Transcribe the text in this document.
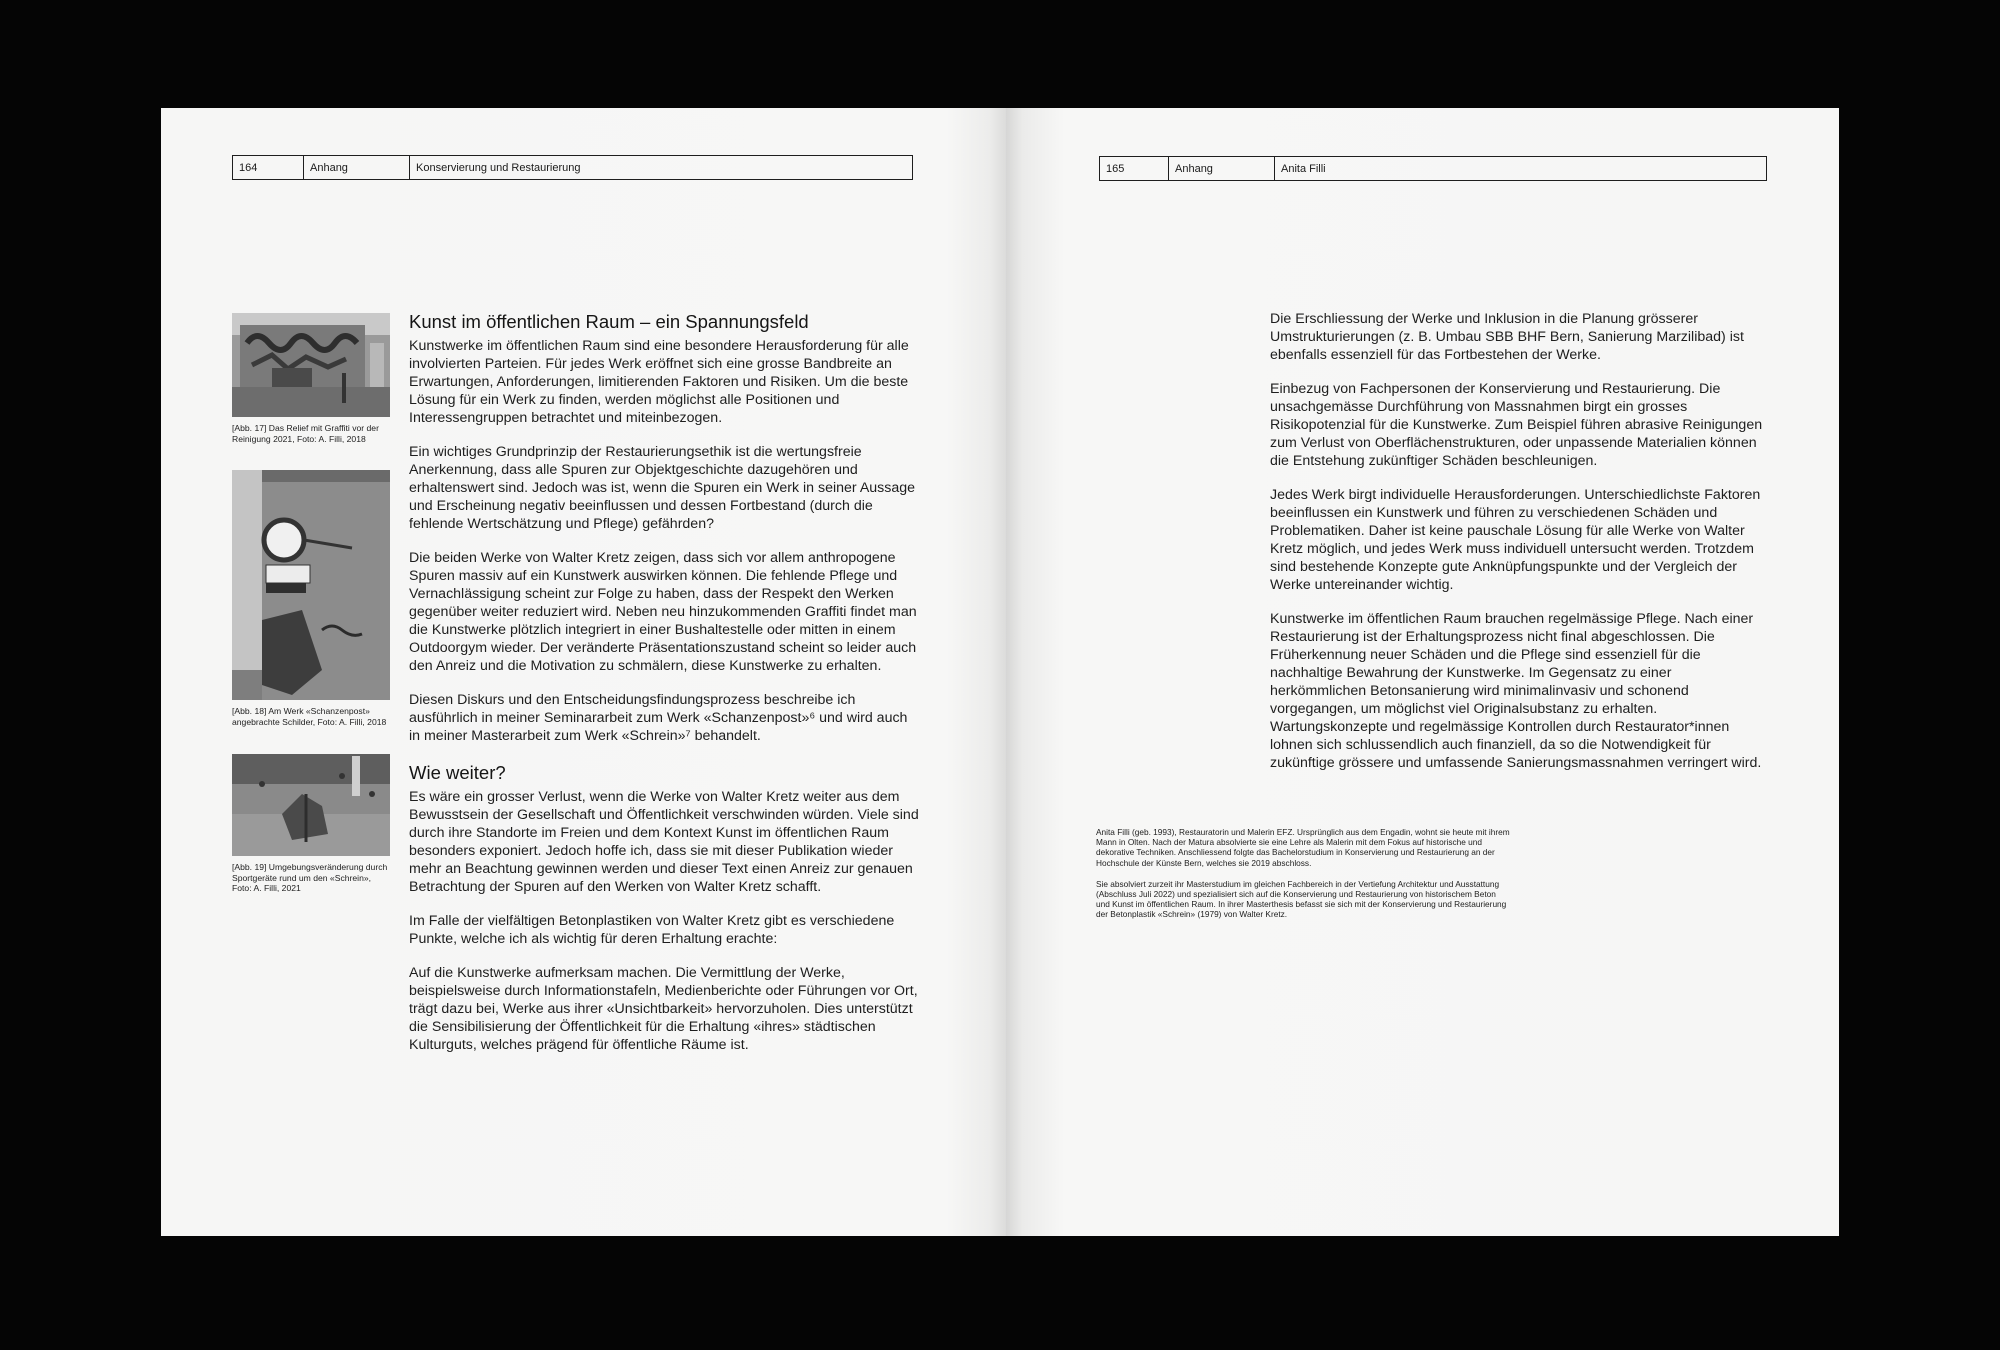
164	Anhang	Konservierung und Restaurierung
[Abb. 17] Das Relief mit Graffiti vor der Reinigung 2021, Foto: A. Filli, 2018
[Abb. 18] Am Werk «Schanzenpost» angebrachte Schilder, Foto: A. Filli, 2018
[Abb. 19] Umgebungsveränderung durch Sportgeräte rund um den «Schrein», Foto: A. Filli, 2021
Kunst im öffentlichen Raum – ein Spannungsfeld

Kunstwerke im öffentlichen Raum sind eine besondere Herausforderung für alle involvierten Parteien. Für jedes Werk eröffnet sich eine grosse Bandbreite an Erwartungen, Anforderungen, limitierenden Faktoren und Risiken. Um die beste Lösung für ein Werk zu finden, werden möglichst alle Positionen und Interessengruppen betrachtet und miteinbezogen.

Ein wichtiges Grundprinzip der Restaurierungsethik ist die wertungsfreie Anerkennung, dass alle Spuren zur Objektgeschichte dazugehören und erhaltenswert sind. Jedoch was ist, wenn die Spuren ein Werk in seiner Aussage und Erscheinung negativ beeinflussen und dessen Fortbestand (durch die fehlende Wertschätzung und Pflege) gefährden?

Die beiden Werke von Walter Kretz zeigen, dass sich vor allem anthropogene Spuren massiv auf ein Kunstwerk auswirken können. Die fehlende Pflege und Vernachlässigung scheint zur Folge zu haben, dass der Respekt den Werken gegenüber weiter reduziert wird. Neben neu hinzukommenden Graffiti findet man die Kunstwerke plötzlich integriert in einer Bushaltestelle oder mitten in einem Outdoorgym wieder. Der veränderte Präsentationszustand scheint so leider auch den Anreiz und die Motivation zu schmälern, diese Kunstwerke zu erhalten.

Diesen Diskurs und den Entscheidungsfindungsprozess beschreibe ich ausführlich in meiner Seminararbeit zum Werk «Schanzenpost»⁶ und wird auch in meiner Masterarbeit zum Werk «Schrein»⁷ behandelt.

Wie weiter?

Es wäre ein grosser Verlust, wenn die Werke von Walter Kretz weiter aus dem Bewusstsein der Gesellschaft und Öffentlichkeit verschwinden würden. Viele sind durch ihre Standorte im Freien und dem Kontext Kunst im öffentlichen Raum besonders exponiert. Jedoch hoffe ich, dass sie mit dieser Publikation wieder mehr an Beachtung gewinnen werden und dieser Text einen Anreiz zur genauen Betrachtung der Spuren auf den Werken von Walter Kretz schafft.

Im Falle der vielfältigen Betonplastiken von Walter Kretz gibt es verschiedene Punkte, welche ich als wichtig für deren Erhaltung erachte:

Auf die Kunstwerke aufmerksam machen. Die Vermittlung der Werke, beispielsweise durch Informationstafeln, Medienberichte oder Führungen vor Ort, trägt dazu bei, Werke aus ihrer «Unsichtbarkeit» hervorzuholen. Dies unterstützt die Sensibilisierung der Öffentlichkeit für die Erhaltung «ihres» städtischen Kulturguts, welches prägend für öffentliche Räume ist.

165	Anhang	Anita Filli

Die Erschliessung der Werke und Inklusion in die Planung grösserer Umstrukturierungen (z. B. Umbau SBB BHF Bern, Sanierung Marzilibad) ist ebenfalls essenziell für das Fortbestehen der Werke.

Einbezug von Fachpersonen der Konservierung und Restaurierung. Die unsachgemässe Durchführung von Massnahmen birgt ein grosses Risikopotenzial für die Kunstwerke. Zum Beispiel führen abrasive Reinigungen zum Verlust von Oberflächenstrukturen, oder unpassende Materialien können die Entstehung zukünftiger Schäden beschleunigen.

Jedes Werk birgt individuelle Herausforderungen. Unterschiedlichste Faktoren beeinflussen ein Kunstwerk und führen zu verschiedenen Schäden und Problematiken. Daher ist keine pauschale Lösung für alle Werke von Walter Kretz möglich, und jedes Werk muss individuell untersucht werden. Trotzdem sind bestehende Konzepte gute Anknüpfungspunkte und der Vergleich der Werke untereinander wichtig.

Kunstwerke im öffentlichen Raum brauchen regelmässige Pflege. Nach einer Restaurierung ist der Erhaltungsprozess nicht final abgeschlossen. Die Früherkennung neuer Schäden und die Pflege sind essenziell für die nachhaltige Bewahrung der Kunstwerke. Im Gegensatz zu einer herkömmlichen Betonsanierung wird minimalinvasiv und schonend vorgegangen, um möglichst viel Originalsubstanz zu erhalten. Wartungskonzepte und regelmässige Kontrollen durch Restaurator*innen lohnen sich schlussendlich auch finanziell, da so die Notwendigkeit für zukünftige grössere und umfassende Sanierungsmassnahmen verringert wird.

Anita Filli (geb. 1993), Restauratorin und Malerin EFZ. Ursprünglich aus dem Engadin, wohnt sie heute mit ihrem Mann in Olten. Nach der Matura absolvierte sie eine Lehre als Malerin mit dem Fokus auf historische und dekorative Techniken. Anschliessend folgte das Bachelorstudium in Konservierung und Restaurierung an der Hochschule der Künste Bern, welches sie 2019 abschloss.

Sie absolviert zurzeit ihr Masterstudium im gleichen Fachbereich in der Vertiefung Architektur und Ausstattung (Abschluss Juli 2022) und spezialisiert sich auf die Konservierung und Restaurierung von historischem Beton und Kunst im öffentlichen Raum. In ihrer Masterthesis befasst sie sich mit der Konservierung und Restaurierung der Betonplastik «Schrein» (1979) von Walter Kretz.
